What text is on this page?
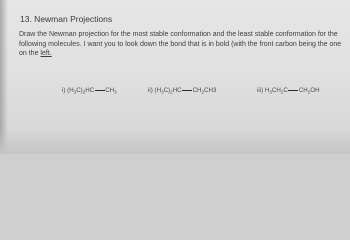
13. Newman Projections
Draw the Newman projection for the most stable conformation and the least stable conformation for the following molecules. I want you to look down the bond that is in bold (with the front carbon being the one on the left.
i) $(H_3C)_2HC$ $CH_3$	ii) $(H_3C)_2HC$ $CH_2CH3$	iii) $H_3CH_2C$ $CH_2OH$
